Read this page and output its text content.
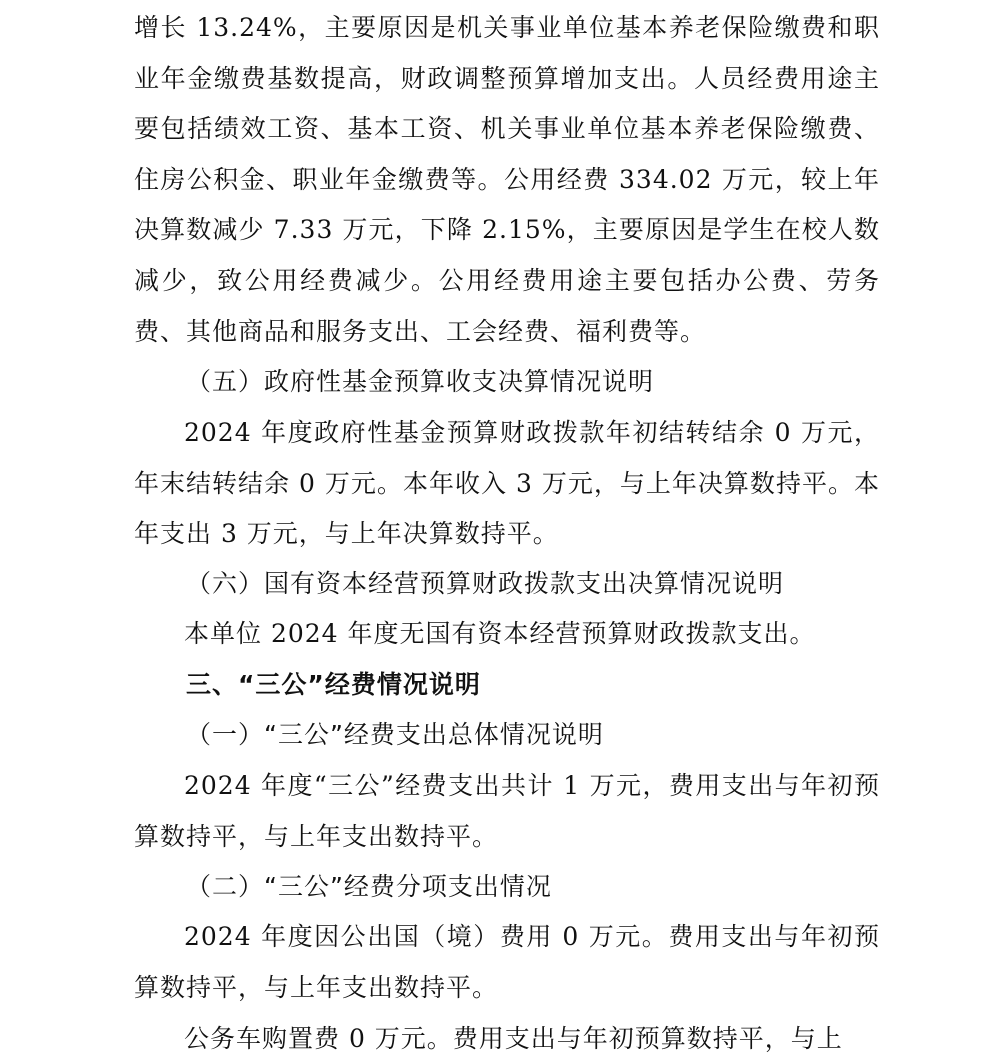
增长 13.24%，主要原因是机关事业单位基本养老保险缴费和职业年金缴费基数提高，财政调整预算增加支出。人员经费用途主要包括绩效工资、基本工资、机关事业单位基本养老保险缴费、住房公积金、职业年金缴费等。公用经费 334.02 万元，较上年决算数减少 7.33 万元，下降 2.15%，主要原因是学生在校人数减少，致公用经费减少。公用经费用途主要包括办公费、劳务费、其他商品和服务支出、工会经费、福利费等。

（五）政府性基金预算收支决算情况说明

2024 年度政府性基金预算财政拨款年初结转结余 0 万元，年末结转结余 0 万元。本年收入 3 万元，与上年决算数持平。本年支出 3 万元，与上年决算数持平。

（六）国有资本经营预算财政拨款支出决算情况说明

本单位 2024 年度无国有资本经营预算财政拨款支出。

三、“三公”经费情况说明

（一）“三公”经费支出总体情况说明

2024 年度“三公”经费支出共计 1 万元，费用支出与年初预算数持平，与上年支出数持平。

（二）“三公”经费分项支出情况

2024 年度因公出国（境）费用 0 万元。费用支出与年初预算数持平，与上年支出数持平。

公务车购置费 0 万元。费用支出与年初预算数持平，与上
